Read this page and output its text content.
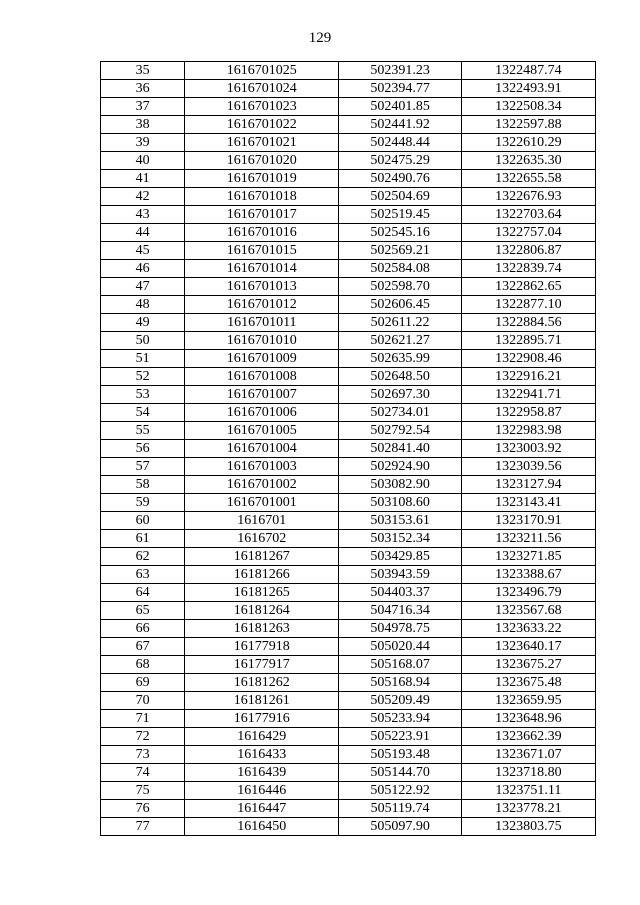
129
35	1616701025	502391.23	1322487.74
36	1616701024	502394.77	1322493.91
37	1616701023	502401.85	1322508.34
38	1616701022	502441.92	1322597.88
39	1616701021	502448.44	1322610.29
40	1616701020	502475.29	1322635.30
41	1616701019	502490.76	1322655.58
42	1616701018	502504.69	1322676.93
43	1616701017	502519.45	1322703.64
44	1616701016	502545.16	1322757.04
45	1616701015	502569.21	1322806.87
46	1616701014	502584.08	1322839.74
47	1616701013	502598.70	1322862.65
48	1616701012	502606.45	1322877.10
49	1616701011	502611.22	1322884.56
50	1616701010	502621.27	1322895.71
51	1616701009	502635.99	1322908.46
52	1616701008	502648.50	1322916.21
53	1616701007	502697.30	1322941.71
54	1616701006	502734.01	1322958.87
55	1616701005	502792.54	1322983.98
56	1616701004	502841.40	1323003.92
57	1616701003	502924.90	1323039.56
58	1616701002	503082.90	1323127.94
59	1616701001	503108.60	1323143.41
60	1616701	503153.61	1323170.91
61	1616702	503152.34	1323211.56
62	16181267	503429.85	1323271.85
63	16181266	503943.59	1323388.67
64	16181265	504403.37	1323496.79
65	16181264	504716.34	1323567.68
66	16181263	504978.75	1323633.22
67	16177918	505020.44	1323640.17
68	16177917	505168.07	1323675.27
69	16181262	505168.94	1323675.48
70	16181261	505209.49	1323659.95
71	16177916	505233.94	1323648.96
72	1616429	505223.91	1323662.39
73	1616433	505193.48	1323671.07
74	1616439	505144.70	1323718.80
75	1616446	505122.92	1323751.11
76	1616447	505119.74	1323778.21
77	1616450	505097.90	1323803.75
